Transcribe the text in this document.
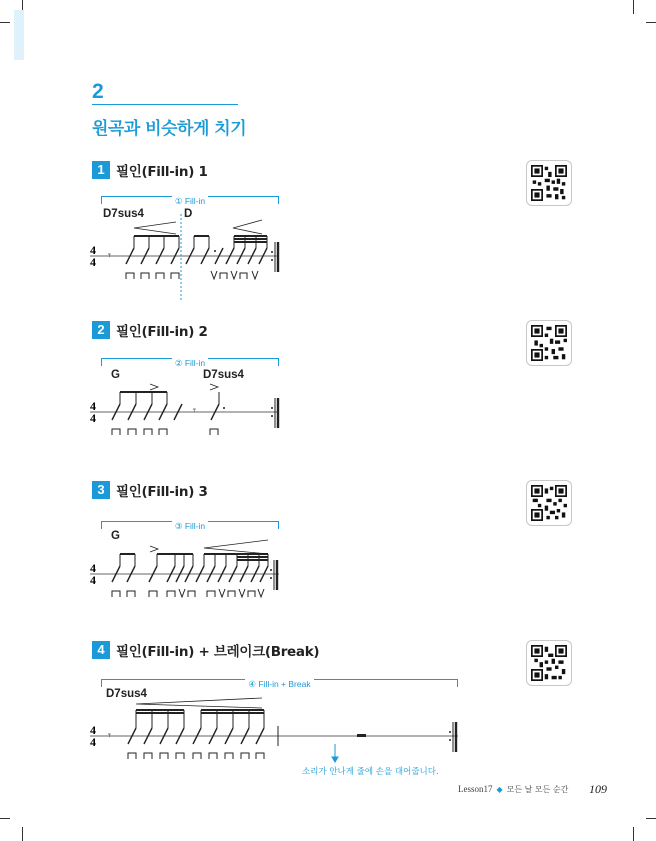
2
원곡과 비슷하게 치기
1 필인(Fill-in) 1
① Fill-in
D7sus4	D
4
4 𝄾
2 필인(Fill-in) 2
② Fill-in
G	D7sus4
4
4
𝄾
3 필인(Fill-in) 3
③ Fill-in
G
4
4
4 필인(Fill-in) + 브레이크(Break)
④ Fill-in + Break
D7sus4
4
4 𝄾
소리가 안나게 줄에 손을 대어줍니다.
Lesson17 ◆ 모든 날 모든 순간 109
